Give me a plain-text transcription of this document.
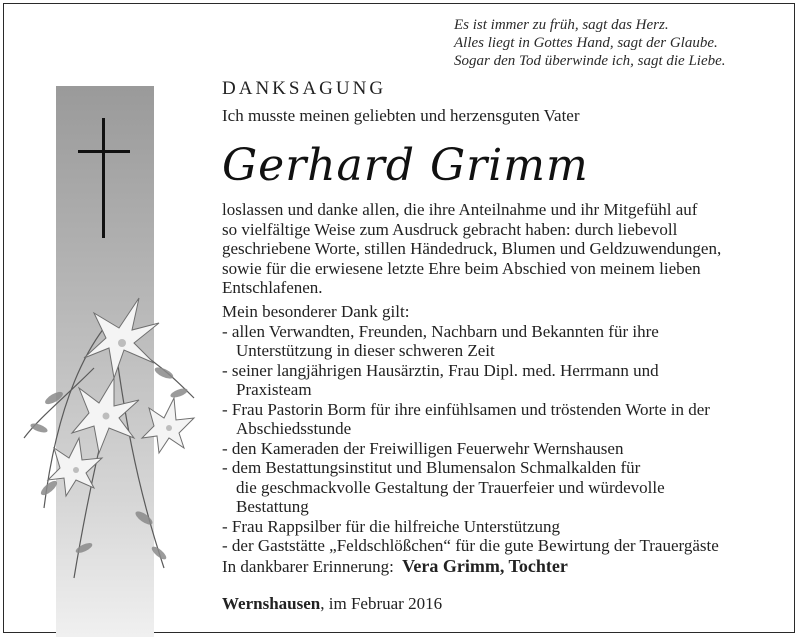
Es ist immer zu früh, sagt das Herz.
Alles liegt in Gottes Hand, sagt der Glaube.
Sogar den Tod überwinde ich, sagt die Liebe.
DANKSAGUNG
Ich musste meinen geliebten und herzensguten Vater
Gerhard Grimm
loslassen und danke allen, die ihre Anteilnahme und ihr Mitgefühl auf
so vielfältige Weise zum Ausdruck gebracht haben: durch liebevoll
geschriebene Worte, stillen Händedruck, Blumen und Geldzuwendungen,
sowie für die erwiesene letzte Ehre beim Abschied von meinem lieben
Entschlafenen.
Mein besonderer Dank gilt:
- allen Verwandten, Freunden, Nachbarn und Bekannten für ihre
Unterstützung in dieser schweren Zeit
- seiner langjährigen Hausärztin, Frau Dipl. med. Herrmann und
Praxisteam
- Frau Pastorin Borm für ihre einfühlsamen und tröstenden Worte in der
Abschiedsstunde
- den Kameraden der Freiwilligen Feuerwehr Wernshausen
- dem Bestattungsinstitut und Blumensalon Schmalkalden für
die geschmackvolle Gestaltung der Trauerfeier und würdevolle
Bestattung
- Frau Rappsilber für die hilfreiche Unterstützung
- der Gaststätte „Feldschlößchen“ für die gute Bewirtung der Trauergäste
In dankbarer Erinnerung: Vera Grimm, Tochter
Wernshausen, im Februar 2016
